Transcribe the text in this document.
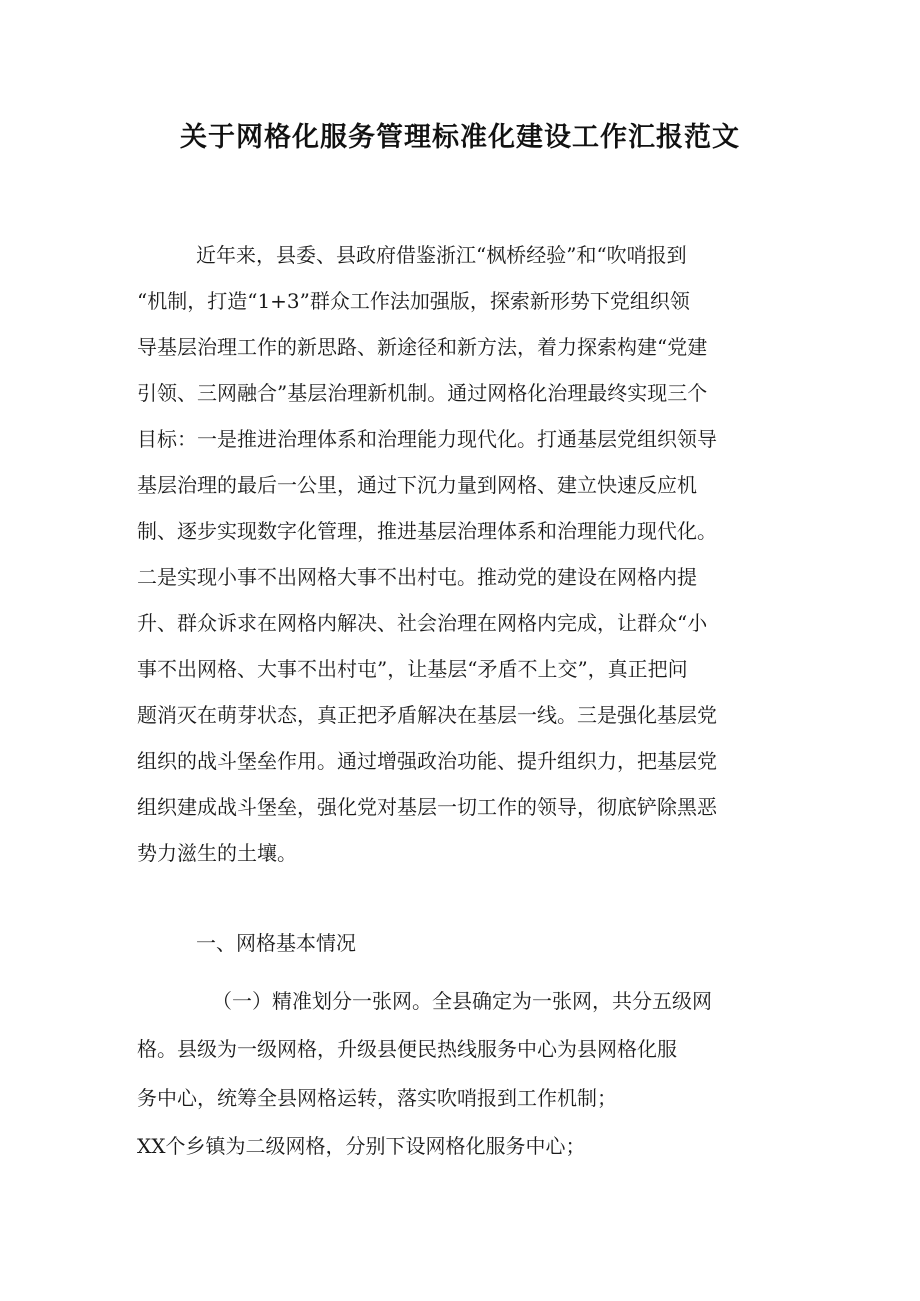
关于网格化服务管理标准化建设工作汇报范文
近年来，县委、县政府借鉴浙江“枫桥经验”和“吹哨报到
“机制，打造“1+3”群众工作法加强版，探索新形势下党组织领
导基层治理工作的新思路、新途径和新方法，着力探索构建“党建
引领、三网融合”基层治理新机制。通过网格化治理最终实现三个
目标：一是推进治理体系和治理能力现代化。打通基层党组织领导
基层治理的最后一公里，通过下沉力量到网格、建立快速反应机
制、逐步实现数字化管理，推进基层治理体系和治理能力现代化。
二是实现小事不出网格大事不出村屯。推动党的建设在网格内提
升、群众诉求在网格内解决、社会治理在网格内完成，让群众“小
事不出网格、大事不出村屯”，让基层“矛盾不上交”，真正把问
题消灭在萌芽状态，真正把矛盾解决在基层一线。三是强化基层党
组织的战斗堡垒作用。通过增强政治功能、提升组织力，把基层党
组织建成战斗堡垒，强化党对基层一切工作的领导，彻底铲除黑恶
势力滋生的土壤。
一、网格基本情况
（一）精准划分一张网。全县确定为一张网，共分五级网
格。县级为一级网格，升级县便民热线服务中心为县网格化服
务中心，统筹全县网格运转，落实吹哨报到工作机制；
XX个乡镇为二级网格，分别下设网格化服务中心；
